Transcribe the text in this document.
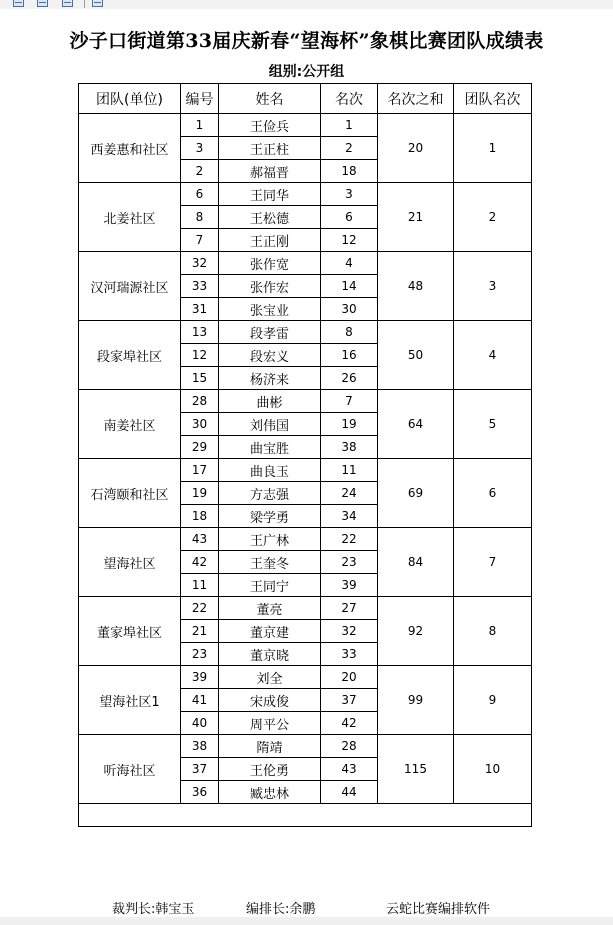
沙子口街道第33届庆新春“望海杯”象棋比赛团队成绩表
组别:公开组
团队(单位)	编号	姓名	名次	名次之和	团队名次
西姜惠和社区	1	王俭兵	1	20	1
	3	王正柱	2		
	2	郝福晋	18		
北姜社区	6	王同华	3	21	2
	8	王松德	6		
	7	王正刚	12		
汉河瑞源社区	32	张作宽	4	48	3
	33	张作宏	14		
	31	张宝业	30		
段家埠社区	13	段孝雷	8	50	4
	12	段宏义	16		
	15	杨济来	26		
南姜社区	28	曲彬	7	64	5
	30	刘伟国	19		
	29	曲宝胜	38		
石湾颐和社区	17	曲良玉	11	69	6
	19	方志强	24		
	18	梁学勇	34		
望海社区	43	王广林	22	84	7
	42	王奎冬	23		
	11	王同宁	39		
董家埠社区	22	董亮	27	92	8
	21	董京建	32		
	23	董京晓	33		
望海社区1	39	刘全	20	99	9
	41	宋成俊	37		
	40	周平公	42		
听海社区	38	隋靖	28	115	10
	37	王伦勇	43		
	36	臧忠林	44		

裁判长:韩宝玉	编排长:余鹏	云蛇比赛编排软件
